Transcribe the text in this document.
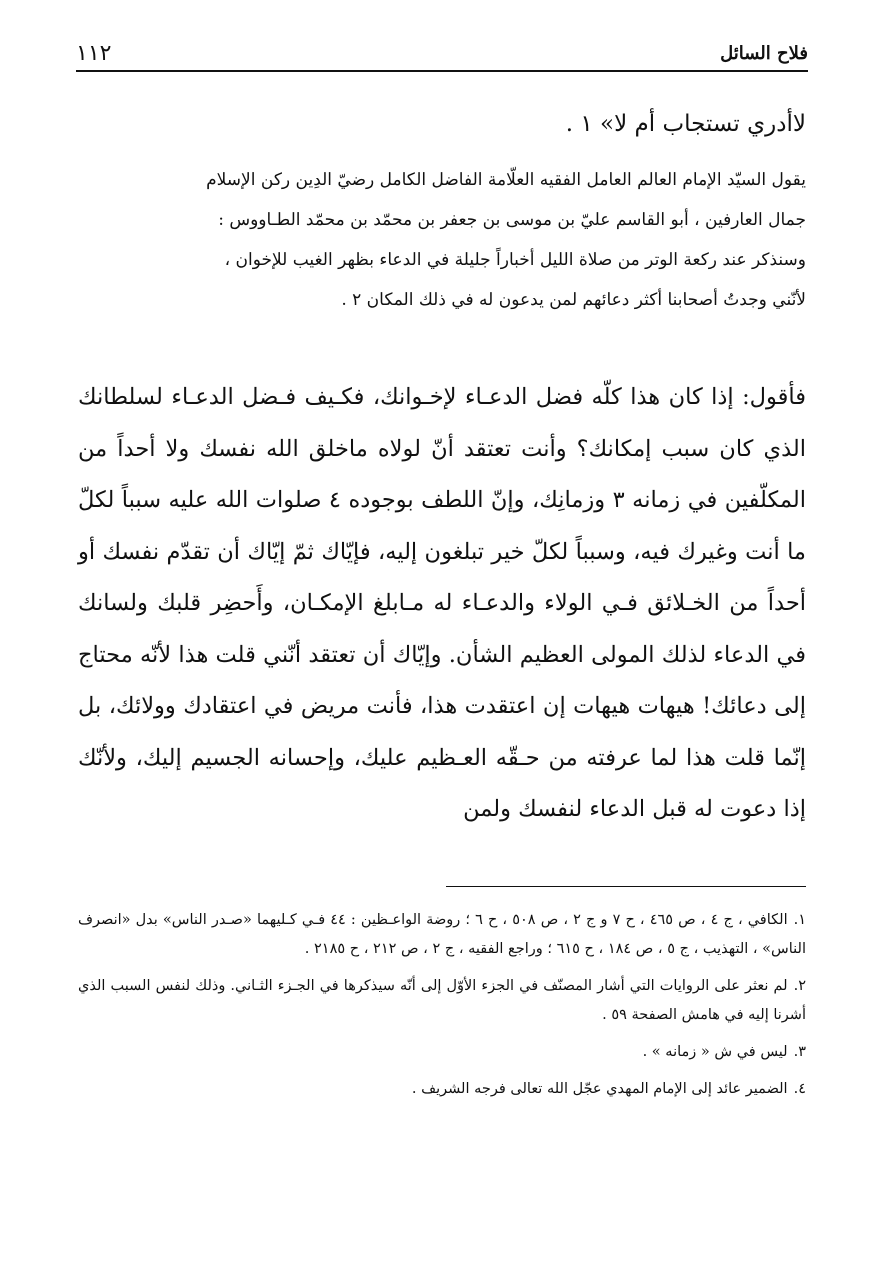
فلاح السائل
١١٢
لاأدري تستجاب أم لا» ١ .

يقول السيّد الإمام العالم العامل الفقيه العلّامة الفاضل الكامل رضيّ الدِين ركن الإسلام

جمال العارفين ، أبو القاسم عليّ بن موسى بن جعفر بن محمّد بن محمّد الطـاووس :

وسنذكر عند ركعة الوتر من صلاة الليل أخباراً جليلة في الدعاء بظهر الغيب للإخوان ،

لأنّني وجدتُ أصحابنا أكثر دعائهم لمن يدعون له في ذلك المكان ٢ .

فأقول: إذا كان هذا كلّه فضل الدعـاء لإخـوانك، فكـيف فـضل الدعـاء لسلطانك الذي كان سبب إمكانك؟ وأنت تعتقد أنّ لولاه ماخلق الله نفسك ولا أحداً من المكلّفين في زمانه ٣ وزمانِك، وإنّ اللطف بوجوده ٤ صلوات الله عليه سبباً لكلّ ما أنت وغيرك فيه، وسبباً لكلّ خير تبلغون إليه، فإيّاك ثمّ إيّاك أن تقدّم نفسك أو أحداً من الخـلائق فـي الولاء والدعـاء له مـابلغ الإمكـان، وأَحضِر قلبك ولسانك في الدعاء لذلك المولى العظيم الشأن. وإيّاك أن تعتقد أنّني قلت هذا لأنّه محتاج إلى دعائك! هيهات هيهات إن اعتقدت هذا، فأنت مريض في اعتقادك وولائك، بل إنّما قلت هذا لما عرفته من حـقّه العـظيم عليك، وإحسانه الجسيم إليك، ولأنّك إذا دعوت له قبل الدعاء لنفسك ولمن

١.الكافي ، ج ٤ ، ص ٤٦٥ ، ح ٧ و ج ٢ ، ص ٥٠٨ ، ح ٦ ؛ روضة الواعـظين : ٤٤ فـي كـليهما «صـدر الناس» بدل «انصرف الناس» ، التهذيب ، ج ٥ ، ص ١٨٤ ، ح ٦١٥ ؛ وراجع الفقيه ، ج ٢ ، ص ٢١٢ ، ح ٢١٨٥ .
٢.لم نعثر على الروايات التي أشار المصنّف في الجزء الأوّل إلى أنّه سيذكرها في الجـزء الثـاني. وذلك لنفس السبب الذي أشرنا إليه في هامش الصفحة ٥٩ .
٣.ليس في ش « زمانه » .
٤.الضمير عائد إلى الإمام المهدي عجّل الله تعالى فرجه الشريف .
